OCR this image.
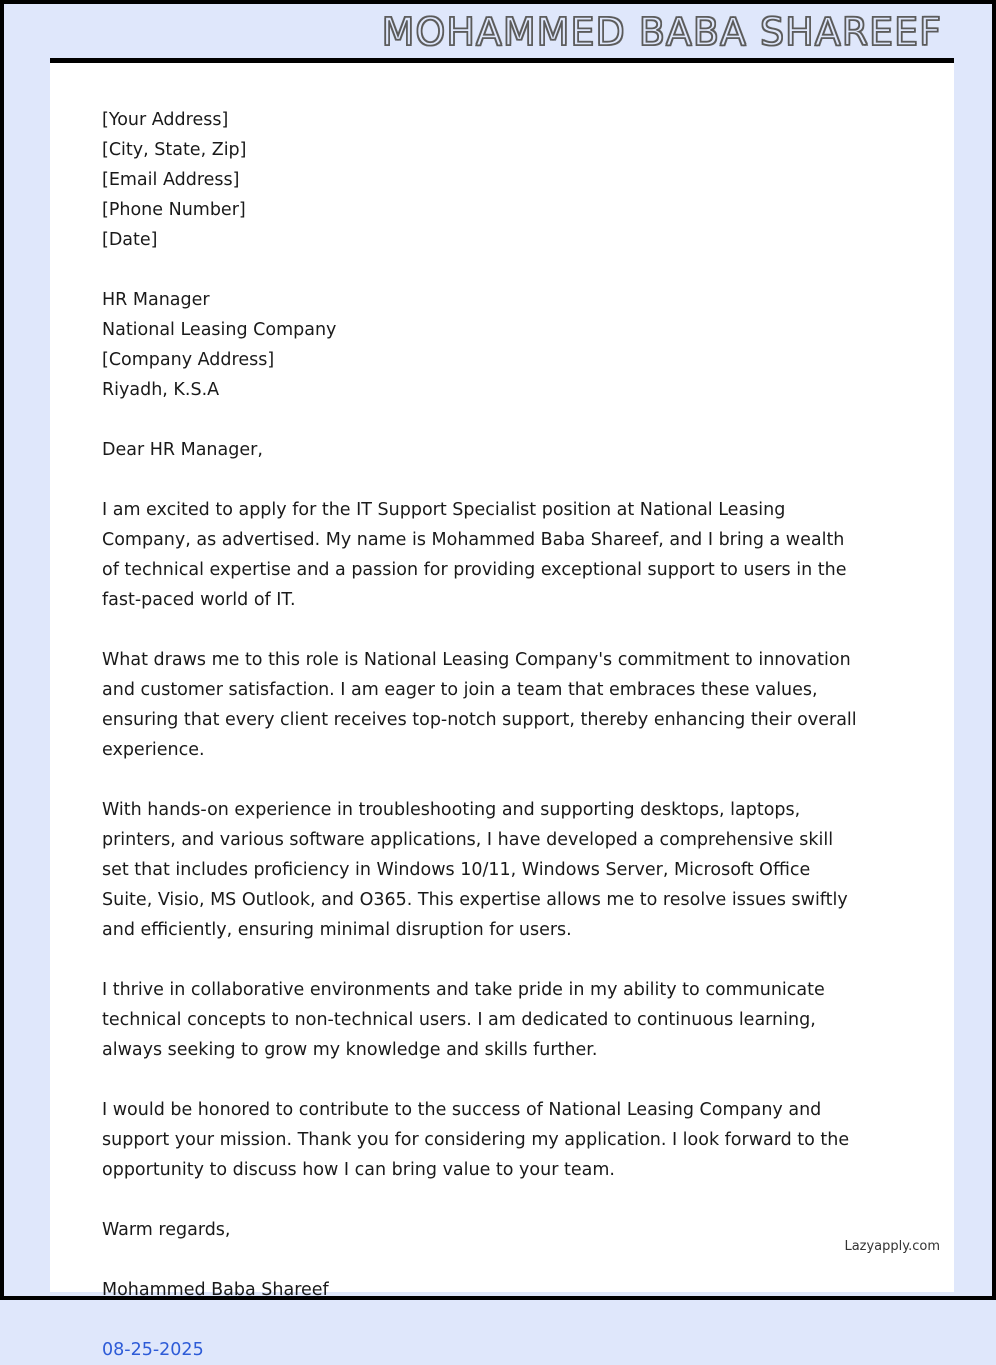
MOHAMMED BABA SHAREEF
[Your Address]
[City, State, Zip]
[Email Address]
[Phone Number]
[Date]
HR Manager
National Leasing Company
[Company Address]
Riyadh, K.S.A
Dear HR Manager,

I am excited to apply for the IT Support Specialist position at National Leasing Company, as advertised. My name is Mohammed Baba Shareef, and I bring a wealth of technical expertise and a passion for providing exceptional support to users in the fast-paced world of IT.

What draws me to this role is National Leasing Company's commitment to innovation and customer satisfaction. I am eager to join a team that embraces these values, ensuring that every client receives top-notch support, thereby enhancing their overall experience.

With hands-on experience in troubleshooting and supporting desktops, laptops, printers, and various software applications, I have developed a comprehensive skill set that includes proficiency in Windows 10/11, Windows Server, Microsoft Office Suite, Visio, MS Outlook, and O365. This expertise allows me to resolve issues swiftly and efficiently, ensuring minimal disruption for users.

I thrive in collaborative environments and take pride in my ability to communicate technical concepts to non-technical users. I am dedicated to continuous learning, always seeking to grow my knowledge and skills further.

I would be honored to contribute to the success of National Leasing Company and support your mission. Thank you for considering my application. I look forward to the opportunity to discuss how I can bring value to your team.

Warm regards,
Mohammed Baba Shareef
08-25-2025
Lazyapply.com
